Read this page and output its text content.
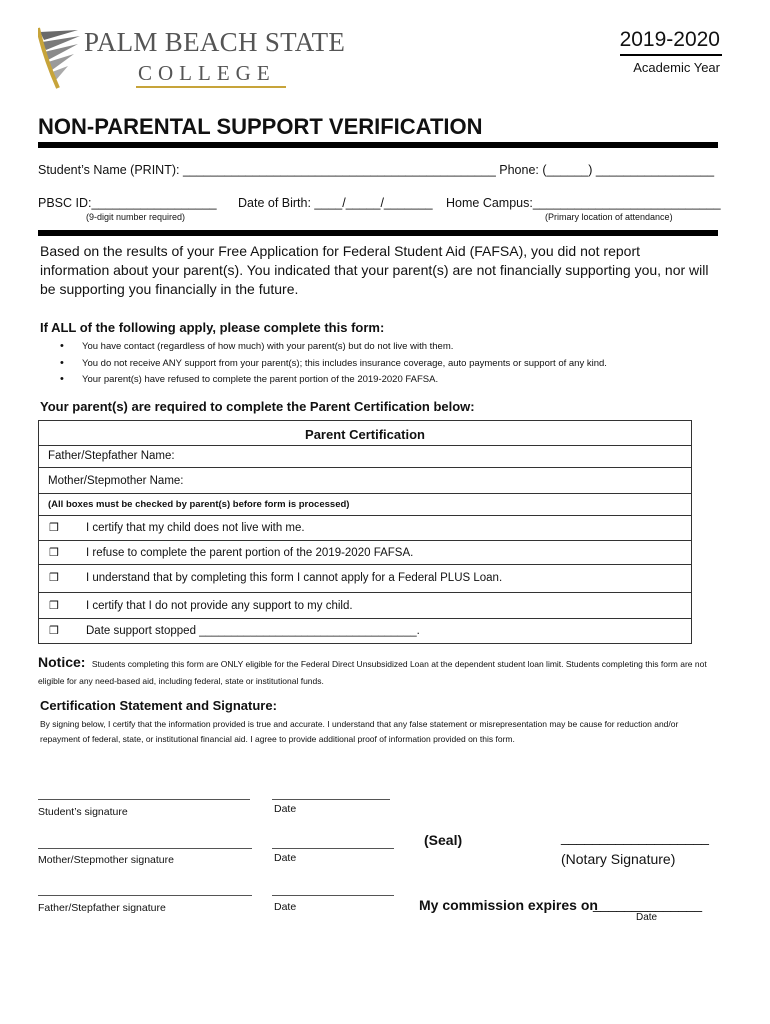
PALM BEACH STATE
COLLEGE
2019-2020
Academic Year
NON-PARENTAL SUPPORT VERIFICATION
Student’s Name (PRINT): _____________________________________________ Phone: (______) _________________
PBSC ID:__________________ Date of Birth: ____/_____/_______ Home Campus:___________________________
(9-digit number required)	(Primary location of attendance)
Based on the results of your Free Application for Federal Student Aid (FAFSA), you did not report information about your parent(s). You indicated that your parent(s) are not financially supporting you, nor will be supporting you financially in the future.
If ALL of the following apply, please complete this form:
• You have contact (regardless of how much) with your parent(s) but do not live with them.
• You do not receive ANY support from your parent(s); this includes insurance coverage, auto payments or support of any kind.
• Your parent(s) have refused to complete the parent portion of the 2019-2020 FAFSA.
Your parent(s) are required to complete the Parent Certification below:
Parent Certification
Father/Stepfather Name:
Mother/Stepmother Name:
(All boxes must be checked by parent(s) before form is processed)
❒ I certify that my child does not live with me.
❒ I refuse to complete the parent portion of the 2019-2020 FAFSA.
❒ I understand that by completing this form I cannot apply for a Federal PLUS Loan.
❒ I certify that I do not provide any support to my child.
❒ Date support stopped __________________________________.
Notice: Students completing this form are ONLY eligible for the Federal Direct Unsubsidized Loan at the dependent student loan limit. Students completing this form are not eligible for any need-based aid, including federal, state or institutional funds.
Certification Statement and Signature:
By signing below, I certify that the information provided is true and accurate. I understand that any false statement or misrepresentation may be cause for reduction and/or repayment of federal, state, or institutional financial aid. I agree to provide additional proof of information provided on this form.
Student’s signature	Date
Mother/Stepmother signature	Date
Father/Stepfather signature	Date
(Seal)	___________________
(Notary Signature)
My commission expires on
______________
Date
